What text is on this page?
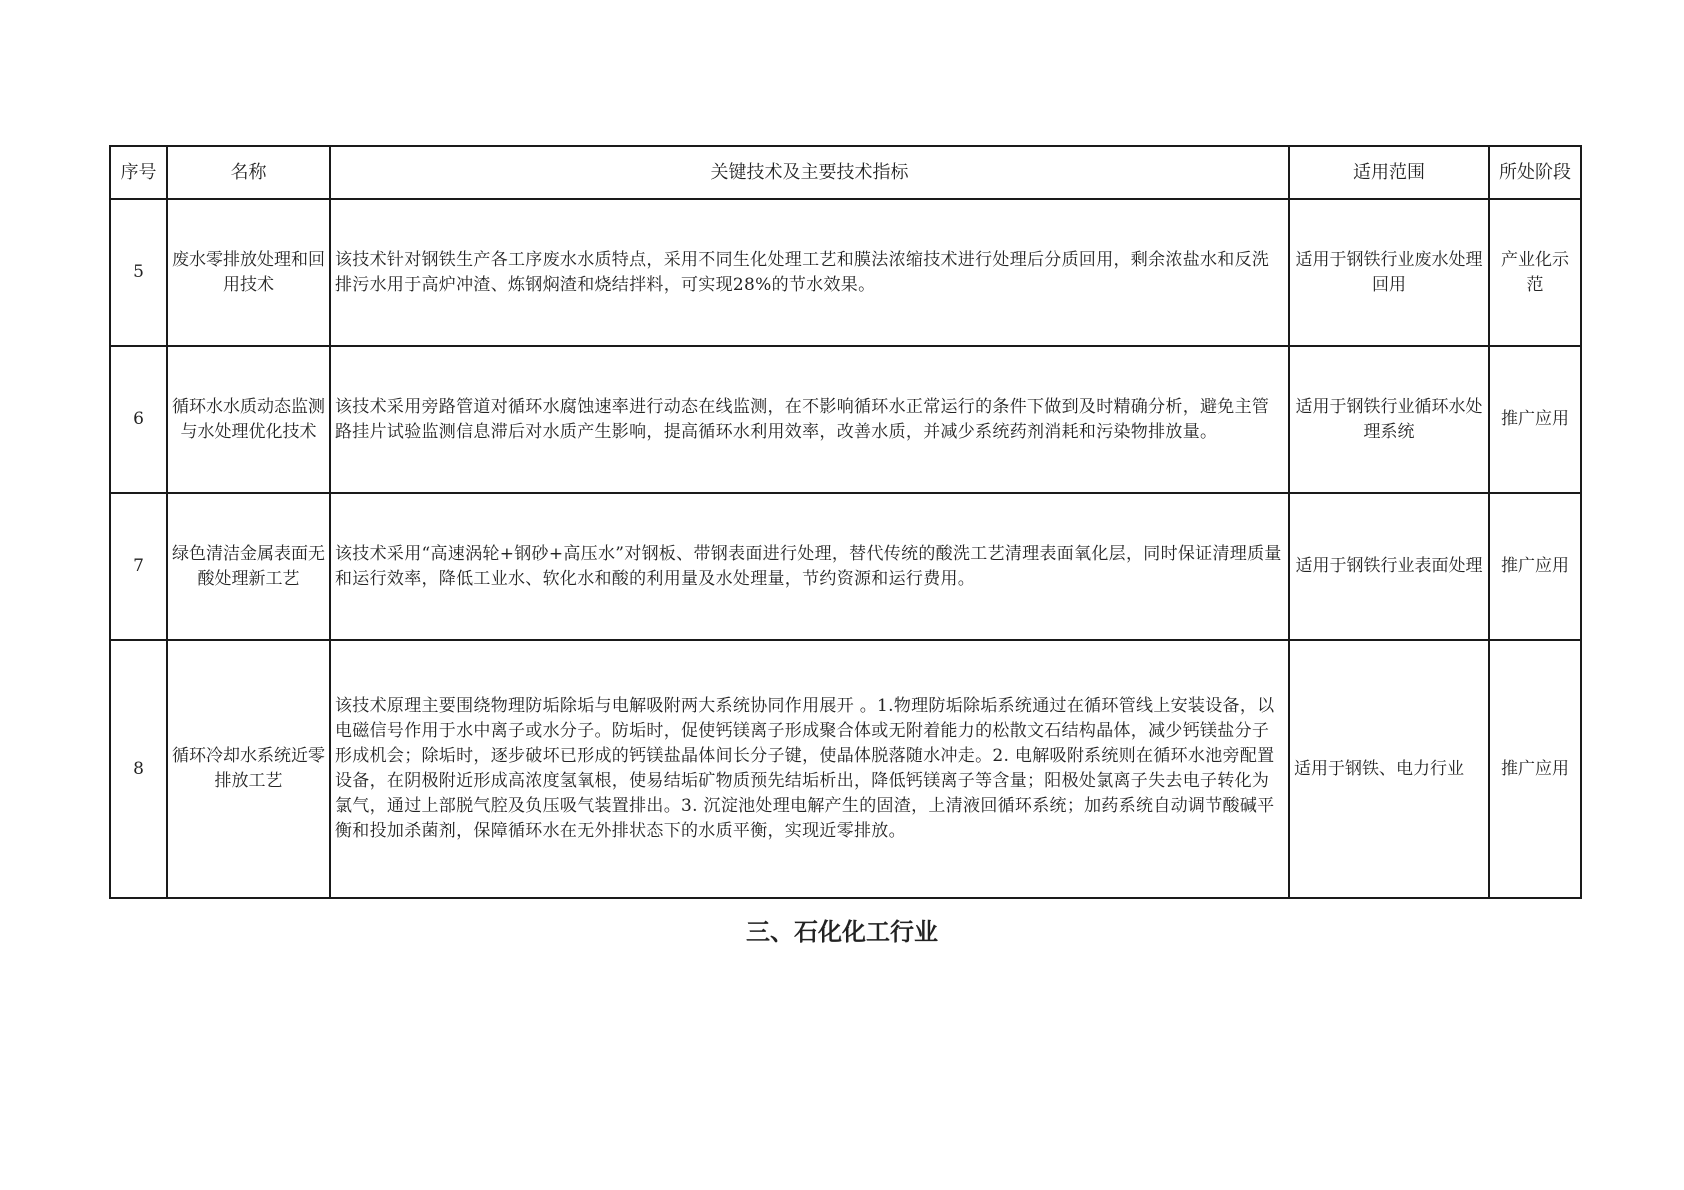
序号	名称	关键技术及主要技术指标	适用范围	所处阶段
5	废水零排放处理和回用技术	该技术针对钢铁生产各工序废水水质特点，采用不同生化处理工艺和膜法浓缩技术进行处理后分质回用，剩余浓盐水和反洗排污水用于高炉冲渣、炼钢焖渣和烧结拌料，可实现28%的节水效果。	适用于钢铁行业废水处理回用	产业化示范
6	循环水水质动态监测与水处理优化技术	该技术采用旁路管道对循环水腐蚀速率进行动态在线监测，在不影响循环水正常运行的条件下做到及时精确分析，避免主管路挂片试验监测信息滞后对水质产生影响，提高循环水利用效率，改善水质，并减少系统药剂消耗和污染物排放量。	适用于钢铁行业循环水处理系统	推广应用
7	绿色清洁金属表面无酸处理新工艺	该技术采用“高速涡轮+钢砂+高压水”对钢板、带钢表面进行处理，替代传统的酸洗工艺清理表面氧化层，同时保证清理质量和运行效率，降低工业水、软化水和酸的利用量及水处理量，节约资源和运行费用。	适用于钢铁行业表面处理	推广应用
8	循环冷却水系统近零排放工艺	该技术原理主要围绕物理防垢除垢与电解吸附两大系统协同作用展开 。1.物理防垢除垢系统通过在循环管线上安装设备，以电磁信号作用于水中离子或水分子。防垢时，促使钙镁离子形成聚合体或无附着能力的松散文石结构晶体，减少钙镁盐分子形成机会；除垢时，逐步破坏已形成的钙镁盐晶体间长分子键，使晶体脱落随水冲走。2. 电解吸附系统则在循环水池旁配置设备，在阴极附近形成高浓度氢氧根，使易结垢矿物质预先结垢析出，降低钙镁离子等含量；阳极处氯离子失去电子转化为氯气，通过上部脱气腔及负压吸气装置排出。3. 沉淀池处理电解产生的固渣，上清液回循环系统；加药系统自动调节酸碱平衡和投加杀菌剂，保障循环水在无外排状态下的水质平衡，实现近零排放。	适用于钢铁、电力行业	推广应用
三、石化化工行业
